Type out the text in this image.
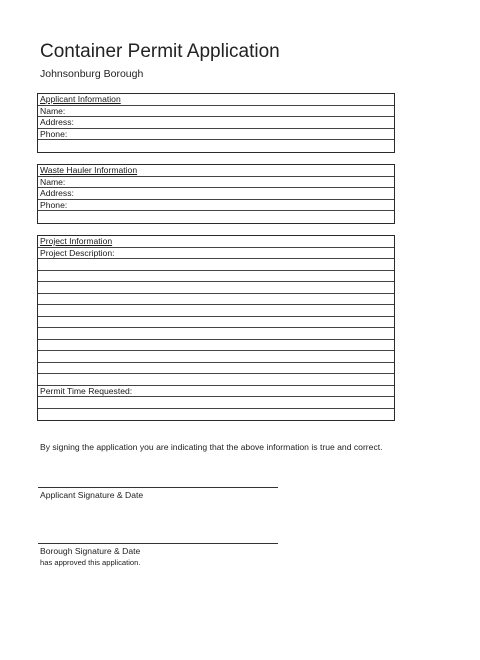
Container Permit Application
Johnsonburg Borough
Applicant Information
Name:
Address:
Phone:
Waste Hauler Information
Name:
Address:
Phone:
Project Information
Project Description:
Permit Time Requested:
By signing the application you are indicating that the above information is true and correct.
Applicant Signature & Date
Borough Signature & Date
has approved this application.
